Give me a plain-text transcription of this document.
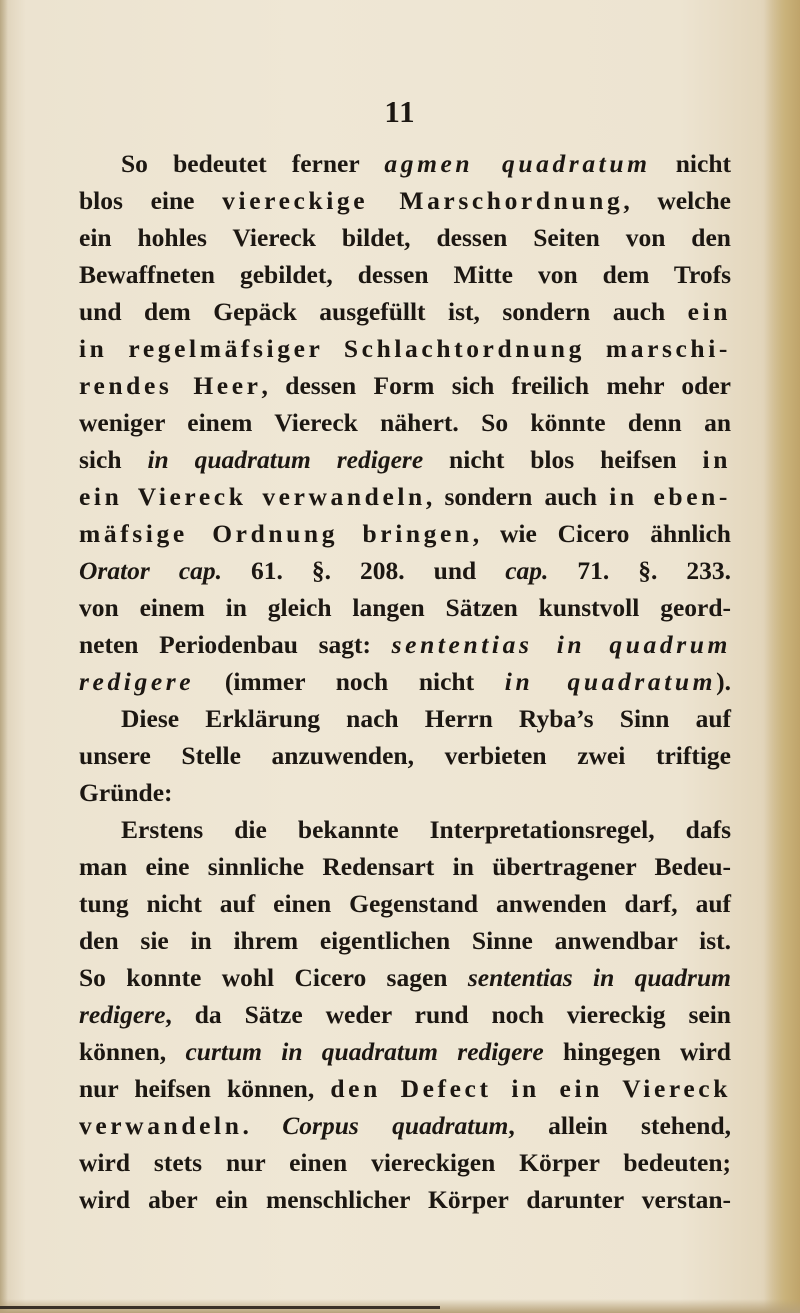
11
So bedeutet ferner agmen quadratum nicht
blos eine viereckige Marschordnung, welche
ein hohles Viereck bildet, dessen Seiten von den
Bewaffneten gebildet, dessen Mitte von dem Trofs
und dem Gepäck ausgefüllt ist, sondern auch ein
in regelmäfsiger Schlachtordnung marschi-
rendes Heer, dessen Form sich freilich mehr oder
weniger einem Viereck nähert. So könnte denn an
sich in quadratum redigere nicht blos heifsen in
ein Viereck verwandeln, sondern auch in eben-
mäfsige Ordnung bringen, wie Cicero ähnlich
Orator cap. 61. §. 208. und cap. 71. §. 233.
von einem in gleich langen Sätzen kunstvoll geord-
neten Periodenbau sagt: sententias in quadrum
redigere (immer noch nicht in quadratum).
Diese Erklärung nach Herrn Ryba’s Sinn auf
unsere Stelle anzuwenden, verbieten zwei triftige
Gründe:
Erstens die bekannte Interpretationsregel, dafs
man eine sinnliche Redensart in übertragener Bedeu-
tung nicht auf einen Gegenstand anwenden darf, auf
den sie in ihrem eigentlichen Sinne anwendbar ist.
So konnte wohl Cicero sagen sententias in quadrum
redigere, da Sätze weder rund noch viereckig sein
können, curtum in quadratum redigere hingegen wird
nur heifsen können, den Defect in ein Viereck
verwandeln. Corpus quadratum, allein stehend,
wird stets nur einen viereckigen Körper bedeuten;
wird aber ein menschlicher Körper darunter verstan-
